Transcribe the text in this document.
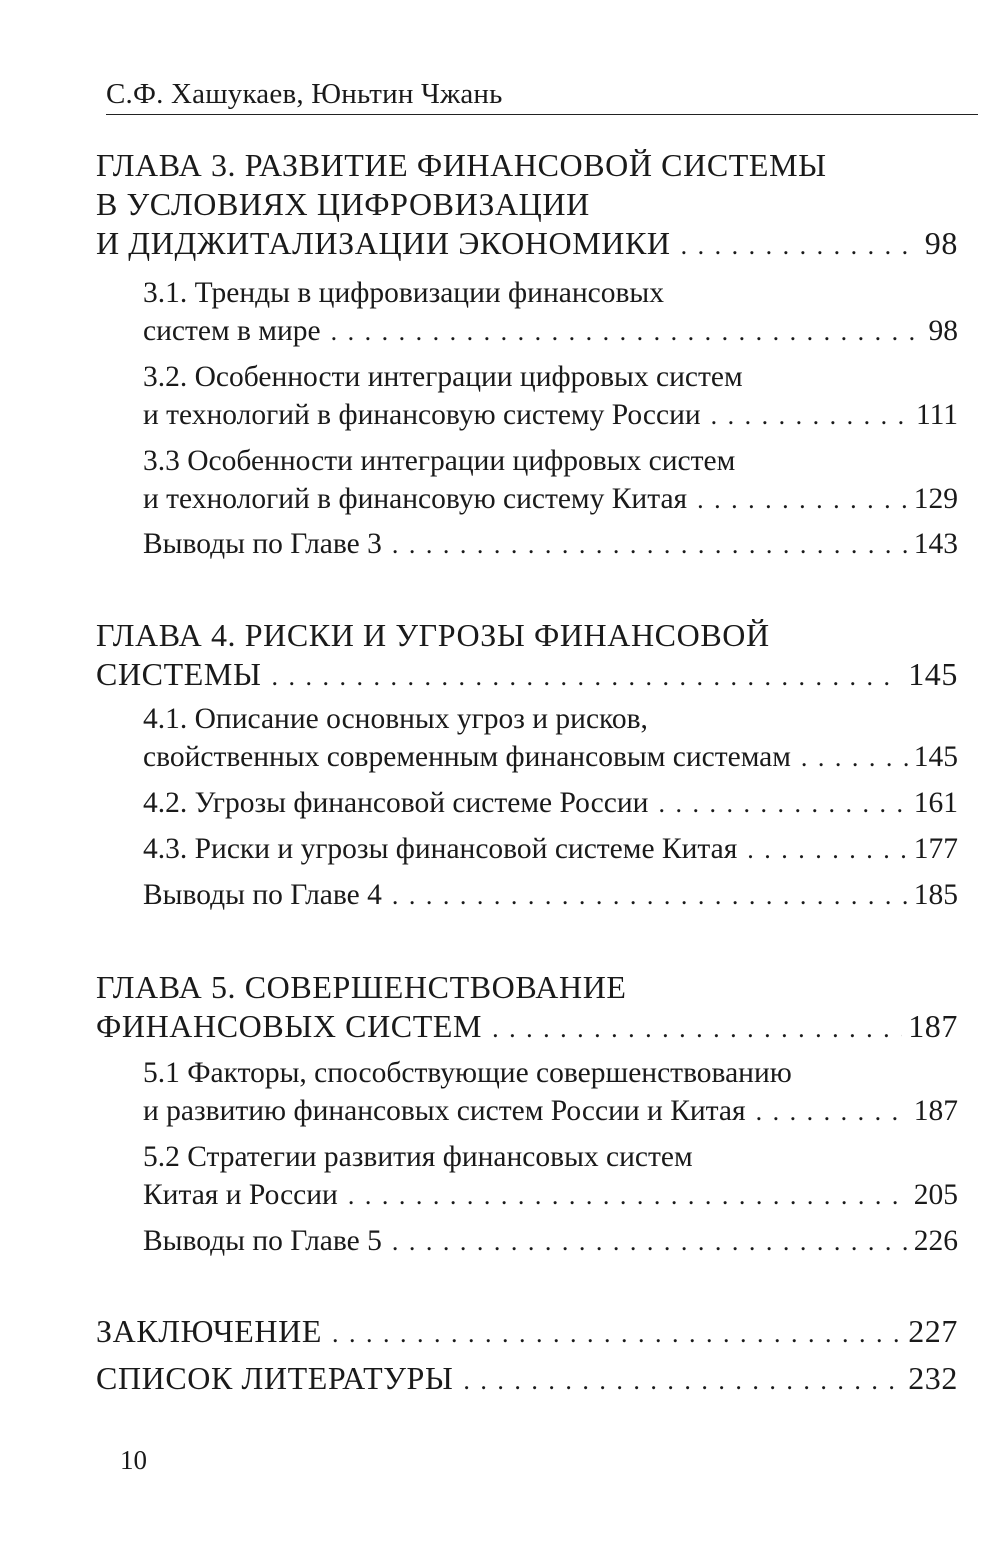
С.Ф. Хашукаев, Юньтин Чжань
ГЛАВА 3. РАЗВИТИЕ ФИНАНСОВОЙ СИСТЕМЫ
В УСЛОВИЯХ ЦИФРОВИЗАЦИИ
И ДИДЖИТАЛИЗАЦИИ ЭКОНОМИКИ . . .	98
3.1. Тренды в цифровизации финансовых
систем в мире . . .	98
3.2. Особенности интеграции цифровых систем
и технологий в финансовую систему России . . .	111
3.3 Особенности интеграции цифровых систем
и технологий в финансовую систему Китая . . .	129
Выводы по Главе 3 . . .	143
ГЛАВА 4. РИСКИ И УГРОЗЫ ФИНАНСОВОЙ
СИСТЕМЫ . . .	145
4.1. Описание основных угроз и рисков,
свойственных современным финансовым системам . . .	145
4.2. Угрозы финансовой системе России . . .	161
4.3. Риски и угрозы финансовой системе Китая . . .	177
Выводы по Главе 4 . . .	185
ГЛАВА 5. СОВЕРШЕНСТВОВАНИЕ
ФИНАНСОВЫХ СИСТЕМ . . .	187
5.1 Факторы, способствующие совершенствованию
и развитию финансовых систем России и Китая . . .	187
5.2 Стратегии развития финансовых систем
Китая и России . . .	205
Выводы по Главе 5 . . .	226
ЗАКЛЮЧЕНИЕ . . .	227
СПИСОК ЛИТЕРАТУРЫ . . .	232
10
